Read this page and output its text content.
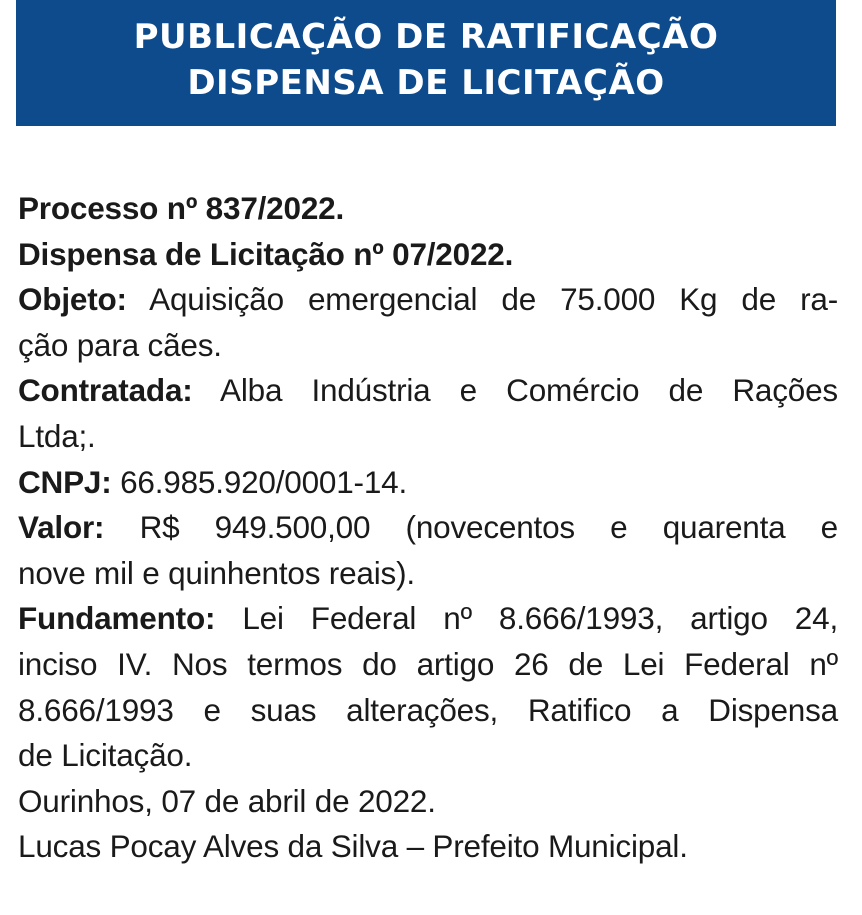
PUBLICAÇÃO DE RATIFICAÇÃO
DISPENSA DE LICITAÇÃO
Processo nº 837/2022.
Dispensa de Licitação nº 07/2022.
Objeto: Aquisição emergencial de 75.000 Kg de ra-
ção para cães.
Contratada: Alba Indústria e Comércio de Rações
Ltda;.
CNPJ: 66.985.920/0001-14.
Valor: R$ 949.500,00 (novecentos e quarenta e
nove mil e quinhentos reais).
Fundamento: Lei Federal nº 8.666/1993, artigo 24,
inciso IV. Nos termos do artigo 26 de Lei Federal nº
8.666/1993 e suas alterações, Ratifico a Dispensa
de Licitação.
Ourinhos, 07 de abril de 2022.
Lucas Pocay Alves da Silva – Prefeito Municipal.
